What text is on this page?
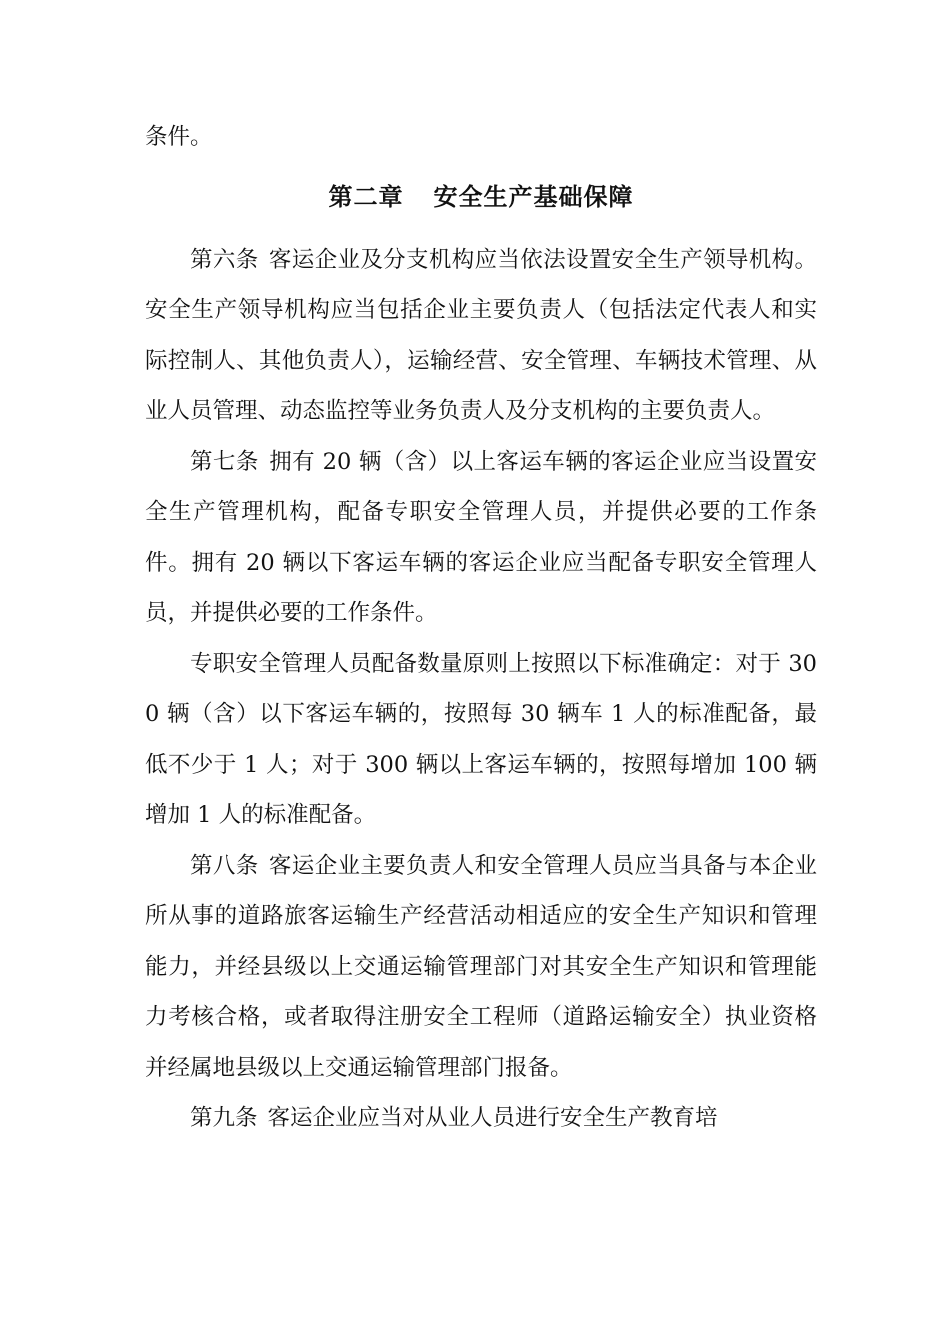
条件。

第二章 安全生产基础保障

第六条 客运企业及分支机构应当依法设置安全生产领导机构。安全生产领导机构应当包括企业主要负责人（包括法定代表人和实际控制人、其他负责人），运输经营、安全管理、车辆技术管理、从业人员管理、动态监控等业务负责人及分支机构的主要负责人。

第七条 拥有 20 辆（含）以上客运车辆的客运企业应当设置安全生产管理机构，配备专职安全管理人员，并提供必要的工作条件。拥有 20 辆以下客运车辆的客运企业应当配备专职安全管理人员，并提供必要的工作条件。

专职安全管理人员配备数量原则上按照以下标准确定：对于 300 辆（含）以下客运车辆的，按照每 30 辆车 1 人的标准配备，最低不少于 1 人；对于 300 辆以上客运车辆的，按照每增加 100 辆增加 1 人的标准配备。

第八条 客运企业主要负责人和安全管理人员应当具备与本企业所从事的道路旅客运输生产经营活动相适应的安全生产知识和管理能力，并经县级以上交通运输管理部门对其安全生产知识和管理能力考核合格，或者取得注册安全工程师（道路运输安全）执业资格并经属地县级以上交通运输管理部门报备。

第九条 客运企业应当对从业人员进行安全生产教育培
